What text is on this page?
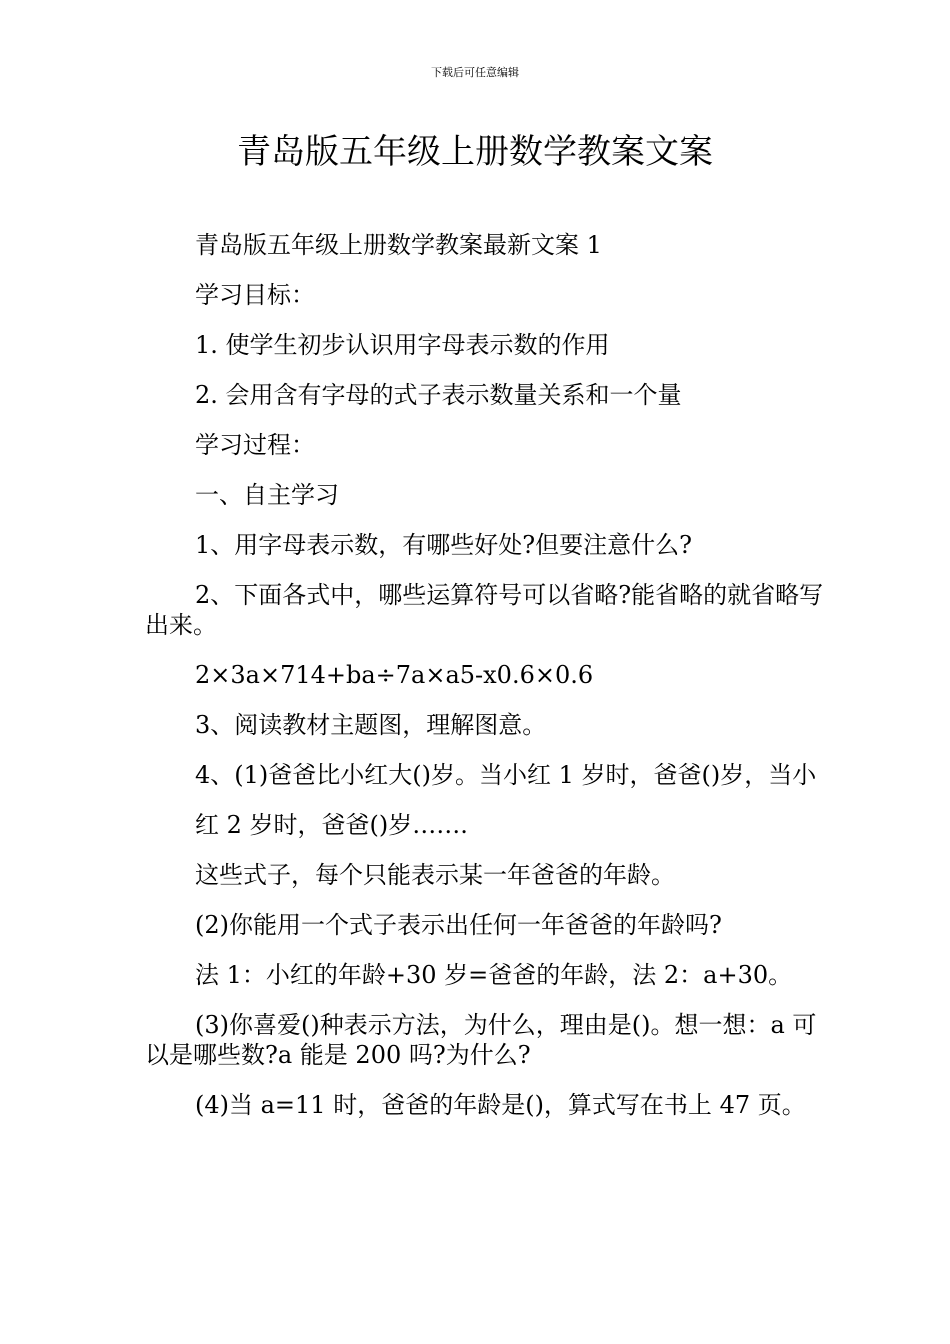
下载后可任意编辑
青岛版五年级上册数学教案文案

青岛版五年级上册数学教案最新文案 1

学习目标：

1. 使学生初步认识用字母表示数的作用

2. 会用含有字母的式子表示数量关系和一个量

学习过程：

一、自主学习

1、用字母表示数，有哪些好处?但要注意什么?

2、下面各式中，哪些运算符号可以省略?能省略的就省略写出来。

2×3a×714+ba÷7a×a5-x0.6×0.6

3、阅读教材主题图，理解图意。

4、(1)爸爸比小红大()岁。当小红 1 岁时，爸爸()岁，当小

红 2 岁时，爸爸()岁…….

这些式子，每个只能表示某一年爸爸的年龄。

(2)你能用一个式子表示出任何一年爸爸的年龄吗?

法 1：小红的年龄+30 岁=爸爸的年龄，法 2：a+30。

(3)你喜爱()种表示方法，为什么，理由是()。想一想：a 可以是哪些数?a 能是 200 吗?为什么?

(4)当 a=11 时，爸爸的年龄是()，算式写在书上 47 页。
